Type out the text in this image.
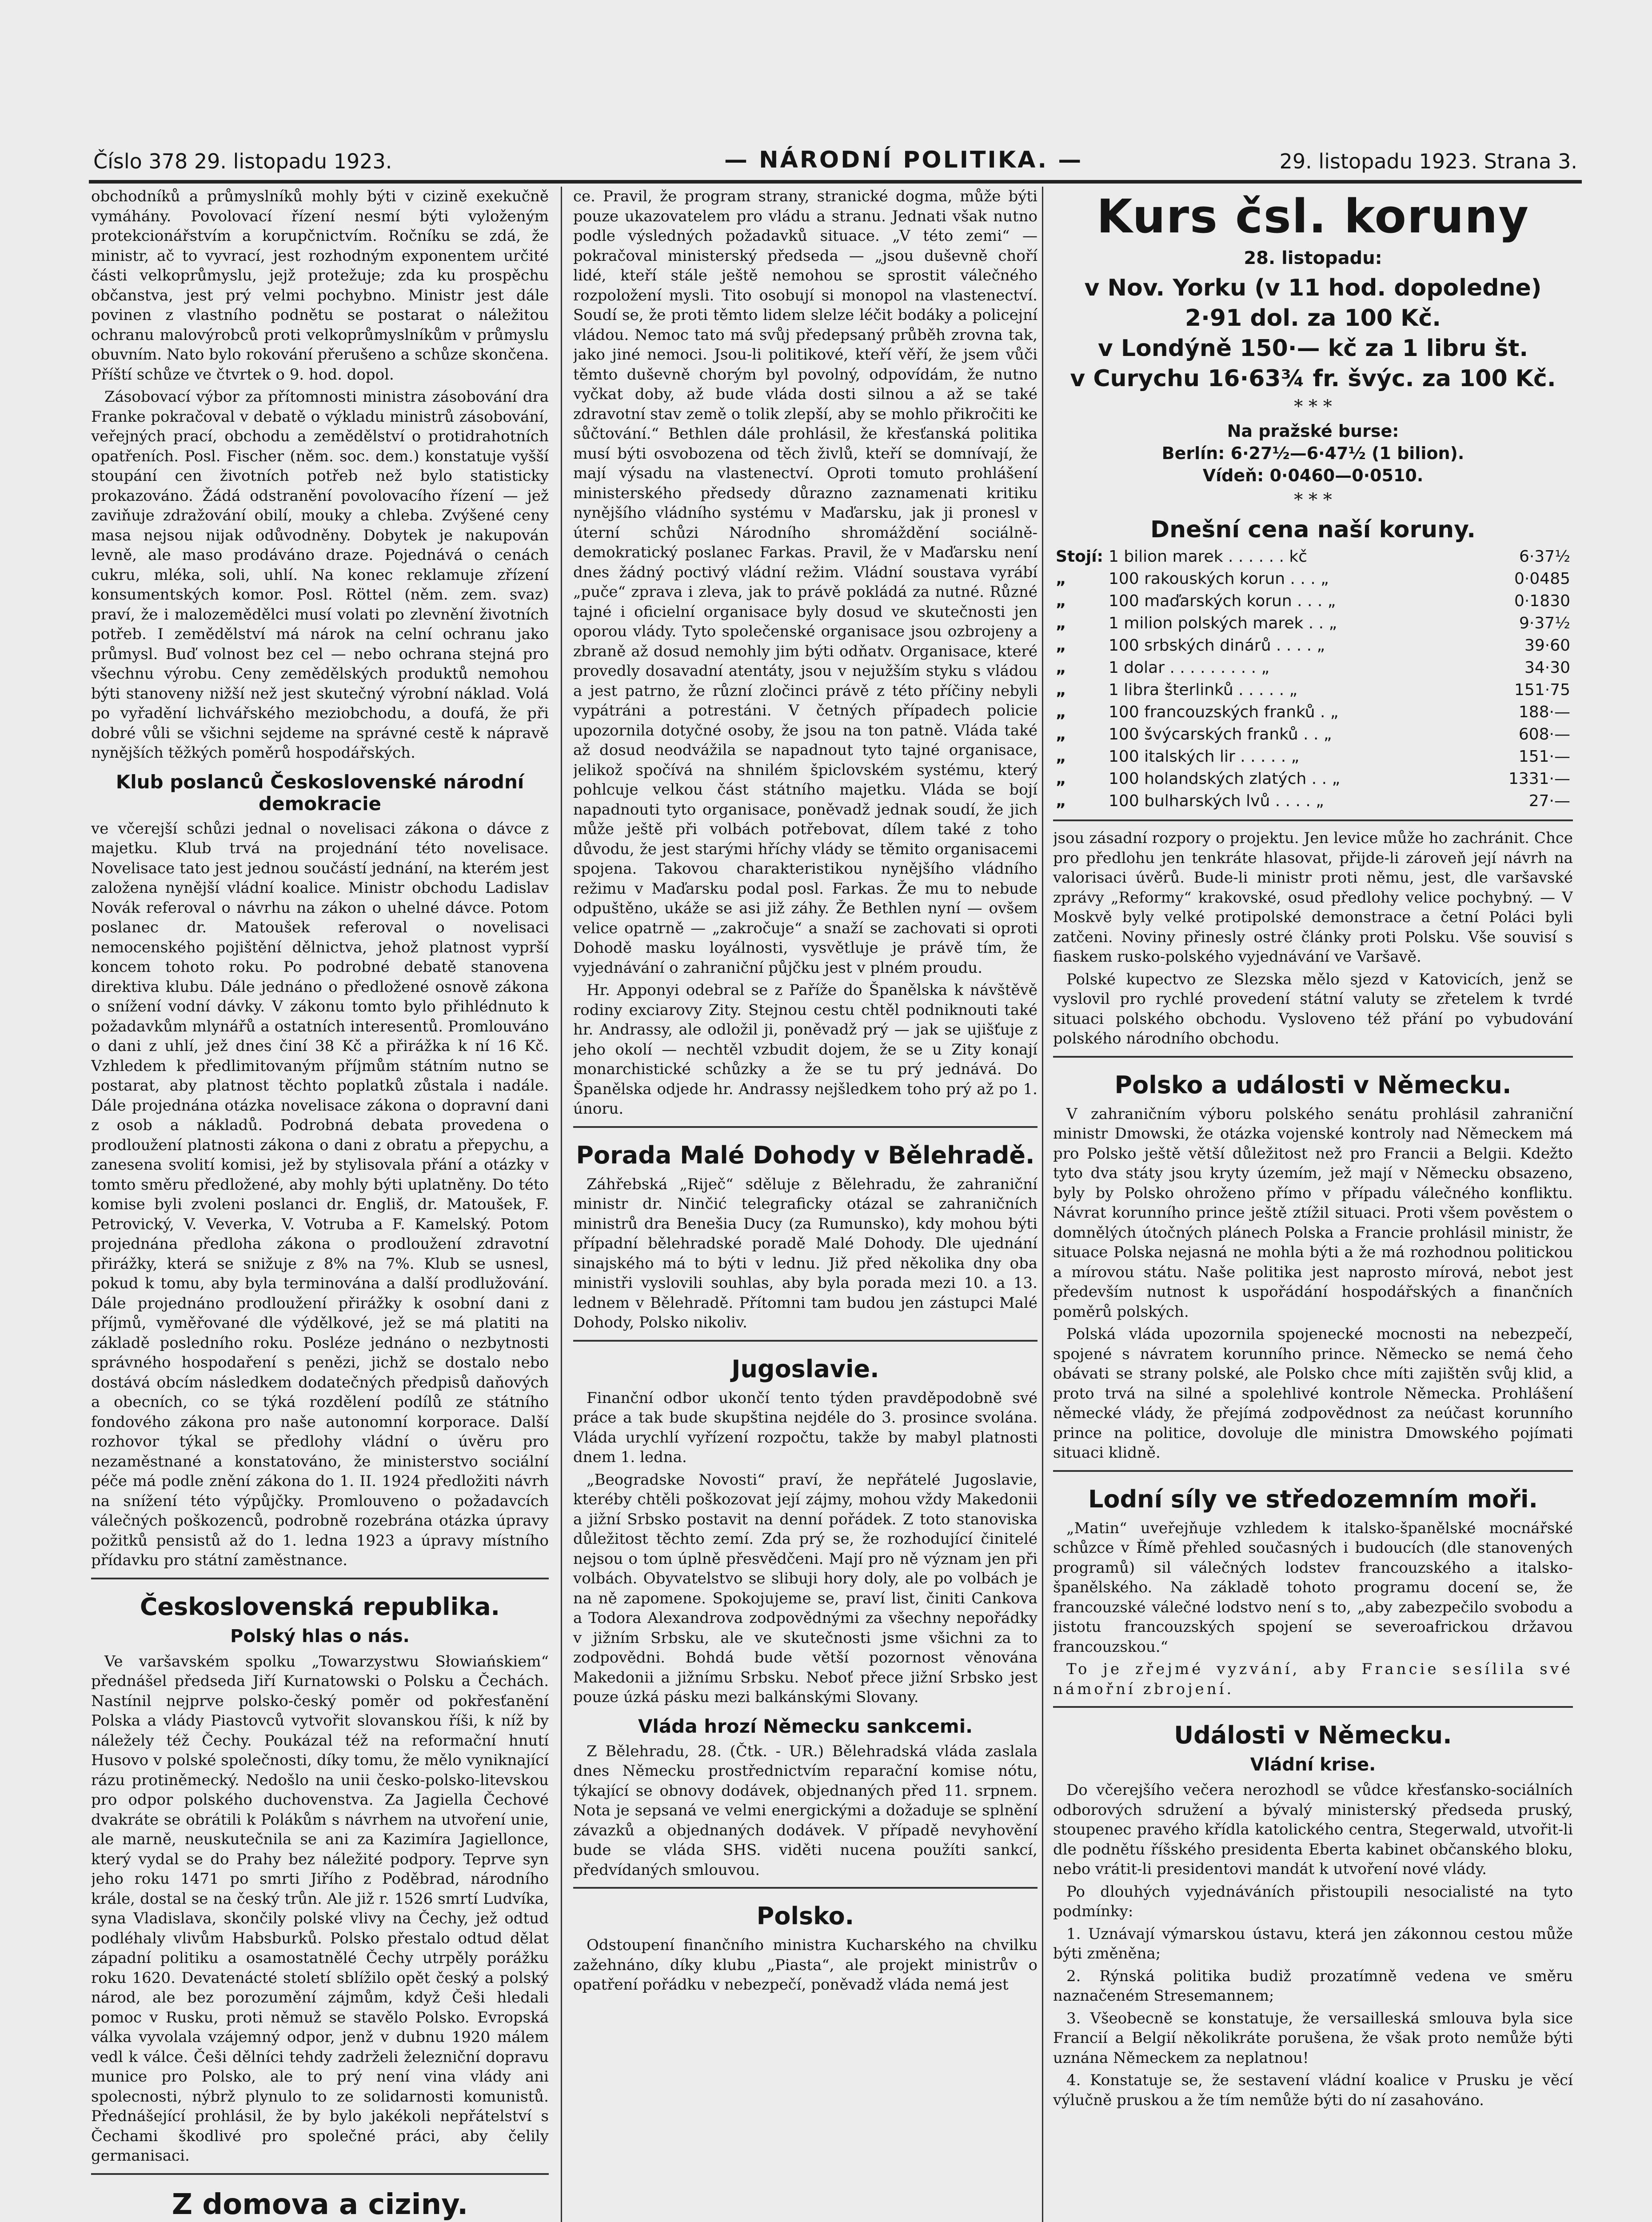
Číslo 378 29. listopadu 1923.	— NÁRODNÍ POLITIKA. —	29. listopadu 1923. Strana 3.

obchodníků a průmyslníků mohly býti v cizině exekučně vymáhány. Povolovací řízení nesmí býti vyloženým protekcionářstvím a korupčnictvím. Ročníku se zdá, že ministr, ač to vyvrací, jest rozhodným exponentem určité části velkoprůmyslu, jejž protežuje; zda ku prospěchu občanstva, jest prý velmi pochybno. Ministr jest dále povinen z vlastního podnětu se postarat o náležitou ochranu malovýrobců proti velkoprůmyslníkům v průmyslu obuvním. Nato bylo rokování přerušeno a schůze skončena. Příští schůze ve čtvrtek o 9. hod. dopol.

Zásobovací výbor za přítomnosti ministra zásobování dra Franke pokračoval v debatě o výkladu ministrů zásobování, veřejných prací, obchodu a zemědělství o protidrahotních opatřeních. Posl. Fischer (něm. soc. dem.) konstatuje vyšší stoupání cen životních potřeb než bylo statisticky prokazováno. Žádá odstranění povolovacího řízení — jež zaviňuje zdražování obilí, mouky a chleba. Zvýšené ceny masa nejsou nijak odůvodněny. Dobytek je nakupován levně, ale maso prodáváno draze. Pojednává o cenách cukru, mléka, soli, uhlí. Na konec reklamuje zřízení konsumentských komor. Posl. Röttel (něm. zem. svaz) praví, že i malozemědělci musí volati po zlevnění životních potřeb. I zemědělství má nárok na celní ochranu jako průmysl. Buď volnost bez cel — nebo ochrana stejná pro všechnu výrobu. Ceny zemědělských produktů nemohou býti stanoveny nižší než jest skutečný výrobní náklad. Volá po vyřadění lichvářského meziobchodu, a doufá, že při dobré vůli se všichni sejdeme na správné cestě k nápravě nynějších těžkých poměrů hospodářských.

Klub poslanců Československé národní demokracie

ve včerejší schůzi jednal o novelisaci zákona o dávce z majetku. Klub trvá na projednání této novelisace. Novelisace tato jest jednou součástí jednání, na kterém jest založena nynější vládní koalice. Ministr obchodu Ladislav Novák referoval o návrhu na zákon o uhelné dávce. Potom poslanec dr. Matoušek referoval o novelisaci nemocenského pojištění dělnictva, jehož platnost vyprší koncem tohoto roku. Po podrobné debatě stanovena direktiva klubu. Dále jednáno o předložené osnově zákona o snížení vodní dávky. V zákonu tomto bylo přihlédnuto k požadavkům mlynářů a ostatních interesentů. Promlouváno o dani z uhlí, jež dnes činí 38 Kč a přirážka k ní 16 Kč. Vzhledem k předlimitovaným příjmům státním nutno se postarat, aby platnost těchto poplatků zůstala i nadále. Dále projednána otázka novelisace zákona o dopravní dani z osob a nákladů. Podrobná debata provedena o prodloužení platnosti zákona o dani z obratu a přepychu, a zanesena svolití komisi, jež by stylisovala přání a otázky v tomto směru předložené, aby mohly býti uplatněny. Do této komise byli zvoleni poslanci dr. Engliš, dr. Matoušek, F. Petrovický, V. Veverka, V. Votruba a F. Kamelský. Potom projednána předloha zákona o prodloužení zdravotní přirážky, která se snižuje z 8% na 7%. Klub se usnesl, pokud k tomu, aby byla terminována a další prodlužování. Dále projednáno prodloužení přirážky k osobní dani z příjmů, vyměřované dle výdělkové, jež se má platiti na základě posledního roku. Posléze jednáno o nezbytnosti správného hospodaření s penězi, jichž se dostalo nebo dostává obcím následkem dodatečných předpisů daňových a obecních, co se týká rozdělení podílů ze státního fondového zákona pro naše autonomní korporace. Další rozhovor týkal se předlohy vládní o úvěru pro nezaměstnané a konstatováno, že ministerstvo sociální péče má podle znění zákona do 1. II. 1924 předložiti návrh na snížení této výpůjčky. Promlouveno o požadavcích válečných poškozenců, podrobně rozebrána otázka úpravy požitků pensistů až do 1. ledna 1923 a úpravy místního přídavku pro státní zaměstnance.

Československá republika.
Polský hlas o nás.

Ve varšavském spolku „Towarzystwu Słowiańskiem“ přednášel předseda Jiří Kurnatowski o Polsku a Čechách. Nastínil nejprve polsko-český poměr od pokřesťanění Polska a vlády Piastovců vytvořit slovanskou říši, k níž by náležely též Čechy. Poukázal též na reformační hnutí Husovo v polské společnosti, díky tomu, že mělo vyniknající rázu protiněmecký. Nedošlo na unii česko-polsko-litevskou pro odpor polského duchovenstva. Za Jagiella Čechové dvakráte se obrátili k Polákům s návrhem na utvoření unie, ale marně, neuskutečnila se ani za Kazimíra Jagiellonce, který vydal se do Prahy bez náležité podpory. Teprve syn jeho roku 1471 po smrti Jiřího z Poděbrad, národního krále, dostal se na český trůn. Ale již r. 1526 smrtí Ludvíka, syna Vladislava, skončily polské vlivy na Čechy, jež odtud podléhaly vlivům Habsburků. Polsko přestalo odtud dělat západní politiku a osamostatnělé Čechy utrpěly porážku roku 1620. Devatenácté století sblížilo opět český a polský národ, ale bez porozumění zájmům, když Češi hledali pomoc v Rusku, proti němuž se stavělo Polsko. Evropská válka vyvolala vzájemný odpor, jenž v dubnu 1920 málem vedl k válce. Češi dělníci tehdy zadrželi železniční dopravu munice pro Polsko, ale to prý není vina vlády ani spolecnosti, nýbrž plynulo to ze solidarnosti komunistů. Přednášející prohlásil, že by bylo jakékoli nepřátelství s Čechami škodlivé pro společné práci, aby čelily germanisaci.

Z domova a ciziny.

ce. Pravil, že program strany, stranické dogma, může býti pouze ukazovatelem pro vládu a stranu. Jednati však nutno podle výsledných požadavků situace. „V této zemi“ — pokračoval ministerský předseda — „jsou duševně choří lidé, kteří stále ještě nemohou se sprostit válečného rozpoložení mysli. Tito osobují si monopol na vlastenectví. Soudí se, že proti těmto lidem slelze léčit bodáky a policejní vládou. Nemoc tato má svůj předepsaný průběh zrovna tak, jako jiné nemoci. Jsou-li politikové, kteří věří, že jsem vůči těmto duševně chorým byl povolný, odpovídám, že nutno vyčkat doby, až bude vláda dosti silnou a až se také zdravotní stav země o tolik zlepší, aby se mohlo přikročiti ke sůčtování.“ Bethlen dále prohlásil, že křesťanská politika musí býti osvobozena od těch živlů, kteří se domnívají, že mají výsadu na vlastenectví. Oproti tomuto prohlášení ministerského předsedy důrazno zaznamenati kritiku nynějšího vládního systému v Maďarsku, jak ji pronesl v úterní schůzi Národního shromáždění sociálně-demokratický poslanec Farkas. Pravil, že v Maďarsku není dnes žádný poctivý vládní režim. Vládní soustava vyrábí „puče“ zprava i zleva, jak to právě pokládá za nutné. Různé tajné i oficielní organisace byly dosud ve skutečnosti jen oporou vlády. Tyto společenské organisace jsou ozbrojeny a zbraně až dosud nemohly jim býti odňatv. Organisace, které provedly dosavadní atentáty, jsou v nejužším styku s vládou a jest patrno, že různí zločinci právě z této příčiny nebyli vypátráni a potrestáni. V četných případech policie upozornila dotyčné osoby, že jsou na ton patně. Vláda také až dosud neodvážila se napadnout tyto tajné organisace, jelikož spočívá na shnilém špiclovském systému, který pohlcuje velkou část státního majetku. Vláda se bojí napadnouti tyto organisace, poněvadž jednak soudí, že jich může ještě při volbách potřebovat, dílem také z toho důvodu, že jest starými hříchy vlády se těmito organisacemi spojena. Takovou charakteristikou nynějšího vládního režimu v Maďarsku podal posl. Farkas. Že mu to nebude odpuštěno, ukáže se asi již záhy. Že Bethlen nyní — ovšem velice opatrně — „zakročuje“ a snaží se zachovati si oproti Dohodě masku loyálnosti, vysvětluje je právě tím, že vyjednávání o zahraniční půjčku jest v plném proudu.

Hr. Apponyi odebral se z Paříže do Španělska k návštěvě rodiny exciarovy Zity. Stejnou cestu chtěl podniknouti také hr. Andrassy, ale odložil ji, poněvadž prý — jak se ujišťuje z jeho okolí — nechtěl vzbudit dojem, že se u Zity konají monarchistické schůzky a že se tu prý jednává. Do Španělska odjede hr. Andrassy nejšledkem toho prý až po 1. únoru.

Porada Malé Dohody v Bělehradě.

Záhřebská „Riječ“ sděluje z Bělehradu, že zahraniční ministr dr. Ninčić telegraficky otázal se zahraničních ministrů dra Benešia Ducy (za Rumunsko), kdy mohou býti případní bělehradské poradě Malé Dohody. Dle ujednání sinajského má to býti v lednu. Již před několika dny oba ministři vyslovili souhlas, aby byla porada mezi 10. a 13. lednem v Bělehradě. Přítomni tam budou jen zástupci Malé Dohody, Polsko nikoliv.

Jugoslavie.

Finanční odbor ukončí tento týden pravděpodobně své práce a tak bude skupština nejdéle do 3. prosince svolána. Vláda urychlí vyřízení rozpočtu, takže by mabyl platnosti dnem 1. ledna.

„Beogradske Novosti“ praví, že nepřátelé Jugoslavie, kteréby chtěli poškozovat její zájmy, mohou vždy Makedonii a jižní Srbsko postavit na denní pořádek. Z toto stanoviska důležitost těchto zemí. Zda prý se, že rozhodující činitelé nejsou o tom úplně přesvědčeni. Mají pro ně význam jen při volbách. Obyvatelstvo se slibuji hory doly, ale po volbách je na ně zapomene. Spokojujeme se, praví list, činiti Cankova a Todora Alexandrova zodpovědnými za všechny nepořádky v jižním Srbsku, ale ve skutečnosti jsme všichni za to zodpovědni. Bohdá bude větší pozornost věnována Makedonii a jižnímu Srbsku. Neboť přece jižní Srbsko jest pouze úzká pásku mezi balkánskými Slovany.

Vláda hrozí Německu sankcemi.

Z Bělehradu, 28. (Čtk. - UR.) Bělehradská vláda zaslala dnes Německu prostřednictvím reparační komise nótu, týkající se obnovy dodávek, objednaných před 11. srpnem. Nota je sepsaná ve velmi energickými a dožaduje se splnění závazků a objednaných dodávek. V případě nevyhovění bude se vláda SHS. viděti nucena použíti sankcí, předvídaných smlouvou.

Polsko.

Odstoupení finančního ministra Kucharského na chvilku zažehnáno, díky klubu „Piasta“, ale projekt ministrův o opatření pořádku v nebezpečí, poněvadž vláda nemá jest

Kurs čsl. koruny
28. listopadu:
v Nov. Yorku (v 11 hod. dopoledne)
2·91 dol. za 100 Kč.
v Londýně 150·— kč za 1 libru št.
v Curychu 16·63¾ fr. švýc. za 100 Kč.
* * *
Na pražské burse:
Berlín: 6·27½—6·47½ (1 bilion).
Vídeň: 0·0460—0·0510.
* * *
Dnešní cena naší koruny.
Stojí:	1 bilion marek . . . . . . kč	6·37½
„	100 rakouských korun . . . „	0·0485
„	100 maďarských korun . . . „	0·1830
„	1 milion polských marek . . „	9·37½
„	100 srbských dinárů . . . . „	39·60
„	1 dolar . . . . . . . . . „	34·30
„	1 libra šterlinků . . . . . „	151·75
„	100 francouzských franků . „	188·—
„	100 švýcarských franků . . „	608·—
„	100 italských lir . . . . . „	151·—
„	100 holandských zlatých . . „	1331·—
„	100 bulharských lvů . . . . „	27·—

jsou zásadní rozpory o projektu. Jen levice může ho zachránit. Chce pro předlohu jen tenkráte hlasovat, přijde-li zároveň její návrh na valorisaci úvěrů. Bude-li ministr proti němu, jest, dle varšavské zprávy „Reformy“ krakovské, osud předlohy velice pochybný. — V Moskvě byly velké protipolské demonstrace a četní Poláci byli zatčeni. Noviny přinesly ostré články proti Polsku. Vše souvisí s fiaskem rusko-polského vyjednávání ve Varšavě.

Polské kupectvo ze Slezska mělo sjezd v Katovicích, jenž se vyslovil pro rychlé provedení státní valuty se zřetelem k tvrdé situaci polského obchodu. Vysloveno též přání po vybudování polského národního obchodu.

Polsko a události v Německu.

V zahraničním výboru polského senátu prohlásil zahraniční ministr Dmowski, že otázka vojenské kontroly nad Německem má pro Polsko ještě větší důležitost než pro Francii a Belgii. Kdežto tyto dva státy jsou kryty územím, jež mají v Německu obsazeno, byly by Polsko ohroženo přímo v případu válečného konfliktu. Návrat korunního prince ještě ztížil situaci. Proti všem pověstem o domnělých útočných plánech Polska a Francie prohlásil ministr, že situace Polska nejasná ne mohla býti a že má rozhodnou politickou a mírovou státu. Naše politika jest naprosto mírová, nebot jest především nutnost k uspořádání hospodářských a finančních poměrů polských.

Polská vláda upozornila spojenecké mocnosti na nebezpečí, spojené s návratem korunního prince. Německo se nemá čeho obávati se strany polské, ale Polsko chce míti zajištěn svůj klid, a proto trvá na silné a spolehlivé kontrole Německa. Prohlášení německé vlády, že přejímá zodpovědnost za neúčast korunního prince na politice, dovoluje dle ministra Dmowského pojímati situaci klidně.

Lodní síly ve středozemním moři.

„Matin“ uveřejňuje vzhledem k italsko-španělské mocnářské schůzce v Římě přehled současných i budoucích (dle stanovených programů) sil válečných lodstev francouzského a italsko-španělského. Na základě tohoto programu docení se, že francouzské válečné lodstvo není s to, „aby zabezpečilo svobodu a jistotu francouzských spojení se severoafrickou državou francouzskou.“

To je zřejmé vyzvání, aby Francie sesílila své námořní zbrojení.

Události v Německu.
Vládní krise.

Do včerejšího večera nerozhodl se vůdce křesťansko-sociálních odborových sdružení a bývalý ministerský předseda pruský, stoupenec pravého křídla katolického centra, Stegerwald, utvořit-li dle podnětu říšského presidenta Eberta kabinet občanského bloku, nebo vrátit-li presidentovi mandát k utvoření nové vlády.

Po dlouhých vyjednáváních přistoupili nesocialisté na tyto podmínky:

1. Uznávají výmarskou ústavu, která jen zákonnou cestou může býti změněna;

2. Rýnská politika budiž prozatímně vedena ve směru naznačeném Stresemannem;

3. Všeobecně se konstatuje, že versailleská smlouva byla sice Francií a Belgií několikráte porušena, že však proto nemůže býti uznána Německem za neplatnou!

4. Konstatuje se, že sestavení vládní koalice v Prusku je věcí výlučně pruskou a že tím nemůže býti do ní zasahováno.
